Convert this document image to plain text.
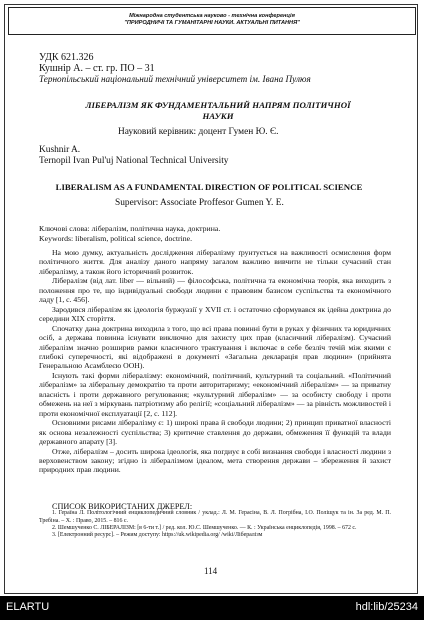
Міжнародна студентська науково - технічна конференція
"ПРИРОДНИЧІ ТА ГУМАНІТАРНІ НАУКИ. АКТУАЛЬНІ ПИТАННЯ"
УДК 621.326
Кушнір А. – ст. гр. ПО – 31
Тернопільський національний технічний університет ім. Івана Пулюя
ЛІБЕРАЛІЗМ ЯК ФУНДАМЕНТАЛЬНИЙ НАПРЯМ ПОЛІТИЧНОЇ НАУКИ
Науковий керівник: доцент Гумен Ю. Є.
Kushnir A.
Ternopil Ivan Pul'uj National Technical University
LIBERALISM AS A FUNDAMENTAL DIRECTION OF POLITICAL SCIENCE
Supervisor: Associate Proffesor Gumen Y. E.
Ключові слова: лібералізм, політична наука, доктрина.
Keywords: liberalism, political science, doctrine.

На мою думку, актуальність дослідження лібералізму ґрунтується на важливості осмислення форм політичного життя. Для аналізу даного напряму загалом важливо вивчити не тільки сучасний стан лібералізму, а також його історичний розвиток.

Лібералізм (від лат. liber — вільний) — філософська, політична та економічна теорія, яка виходить з положення про те, що індивідуальні свободи людини є правовим базисом суспільства та економічного ладу [1, с. 456].

Зародився лібералізм як ідеологія буржуазії у XVII ст. і остаточно сформувався як ідейна доктрина до середини XIX сторіття.

Спочатку дана доктрина виходила з того, що всі права повинні бути в руках у фізичних та юридичних осіб, а держава повинна існувати виключно для захисту цих прав (класичний лібералізм). Сучасний лібералізм значно розширив рамки класичного трактування і включає в себе безліч течій між якими є глибокі суперечності, які відображені в документі «Загальна декларація прав людини» (прийнята Генеральною Асамблеєю ООН).

Існують такі форми лібералізму: економічний, політичний, культурний та соціальний. «Політичний лібералізм» за ліберальну демократію та проти авторитаризму; «економічний лібералізм» — за приватну власність і проти державного регулювання; «культурний лібералізм» — за особисту свободу і проти обмежень на неї з міркувань патріотизму або релігії; «соціальний лібералізм» — за рівність можливостей і проти економічної експлуатації [2, с. 112].

Основними рисами лібералізму є: 1) широкі права й свободи людини; 2) принцип приватної власності як основа незалежності суспільства; 3) критичне ставлення до держави, обмеження її функцій та влади державного апарату [3].

Отже, лібералізм – досить широка ідеологія, яка погдиує в собі визнання свободи і власності людини з верховенством закону; згідно із лібералізмом ідеалом, мета створення держави – збереження й захист природних прав людини.

СПИСОК ВИКОРИСТАНИХ ДЖЕРЕЛ:

1. Гераїна Л. Політологічний енциклопедичний словник / уклад.: Л. М. Герасіна, В. Л. Погрібна, І.О. Поліщук та ін. За ред. М. П. Требіна. – Х. : Право, 2015. – 816 с.

2. Шемшученко С. ЛІБЕРАЛІЗМ: [в 6-ти т.] / ред. кол. Ю.С. Шемшученко. — К. : Українська енциклопедія, 1998. – 672 с.

3. [Електронний ресурс]. – Режим доступу: https://uk.wikipedia.org/ /wiki/Лібералізм

114
ELARTU	hdl:lib/25234
